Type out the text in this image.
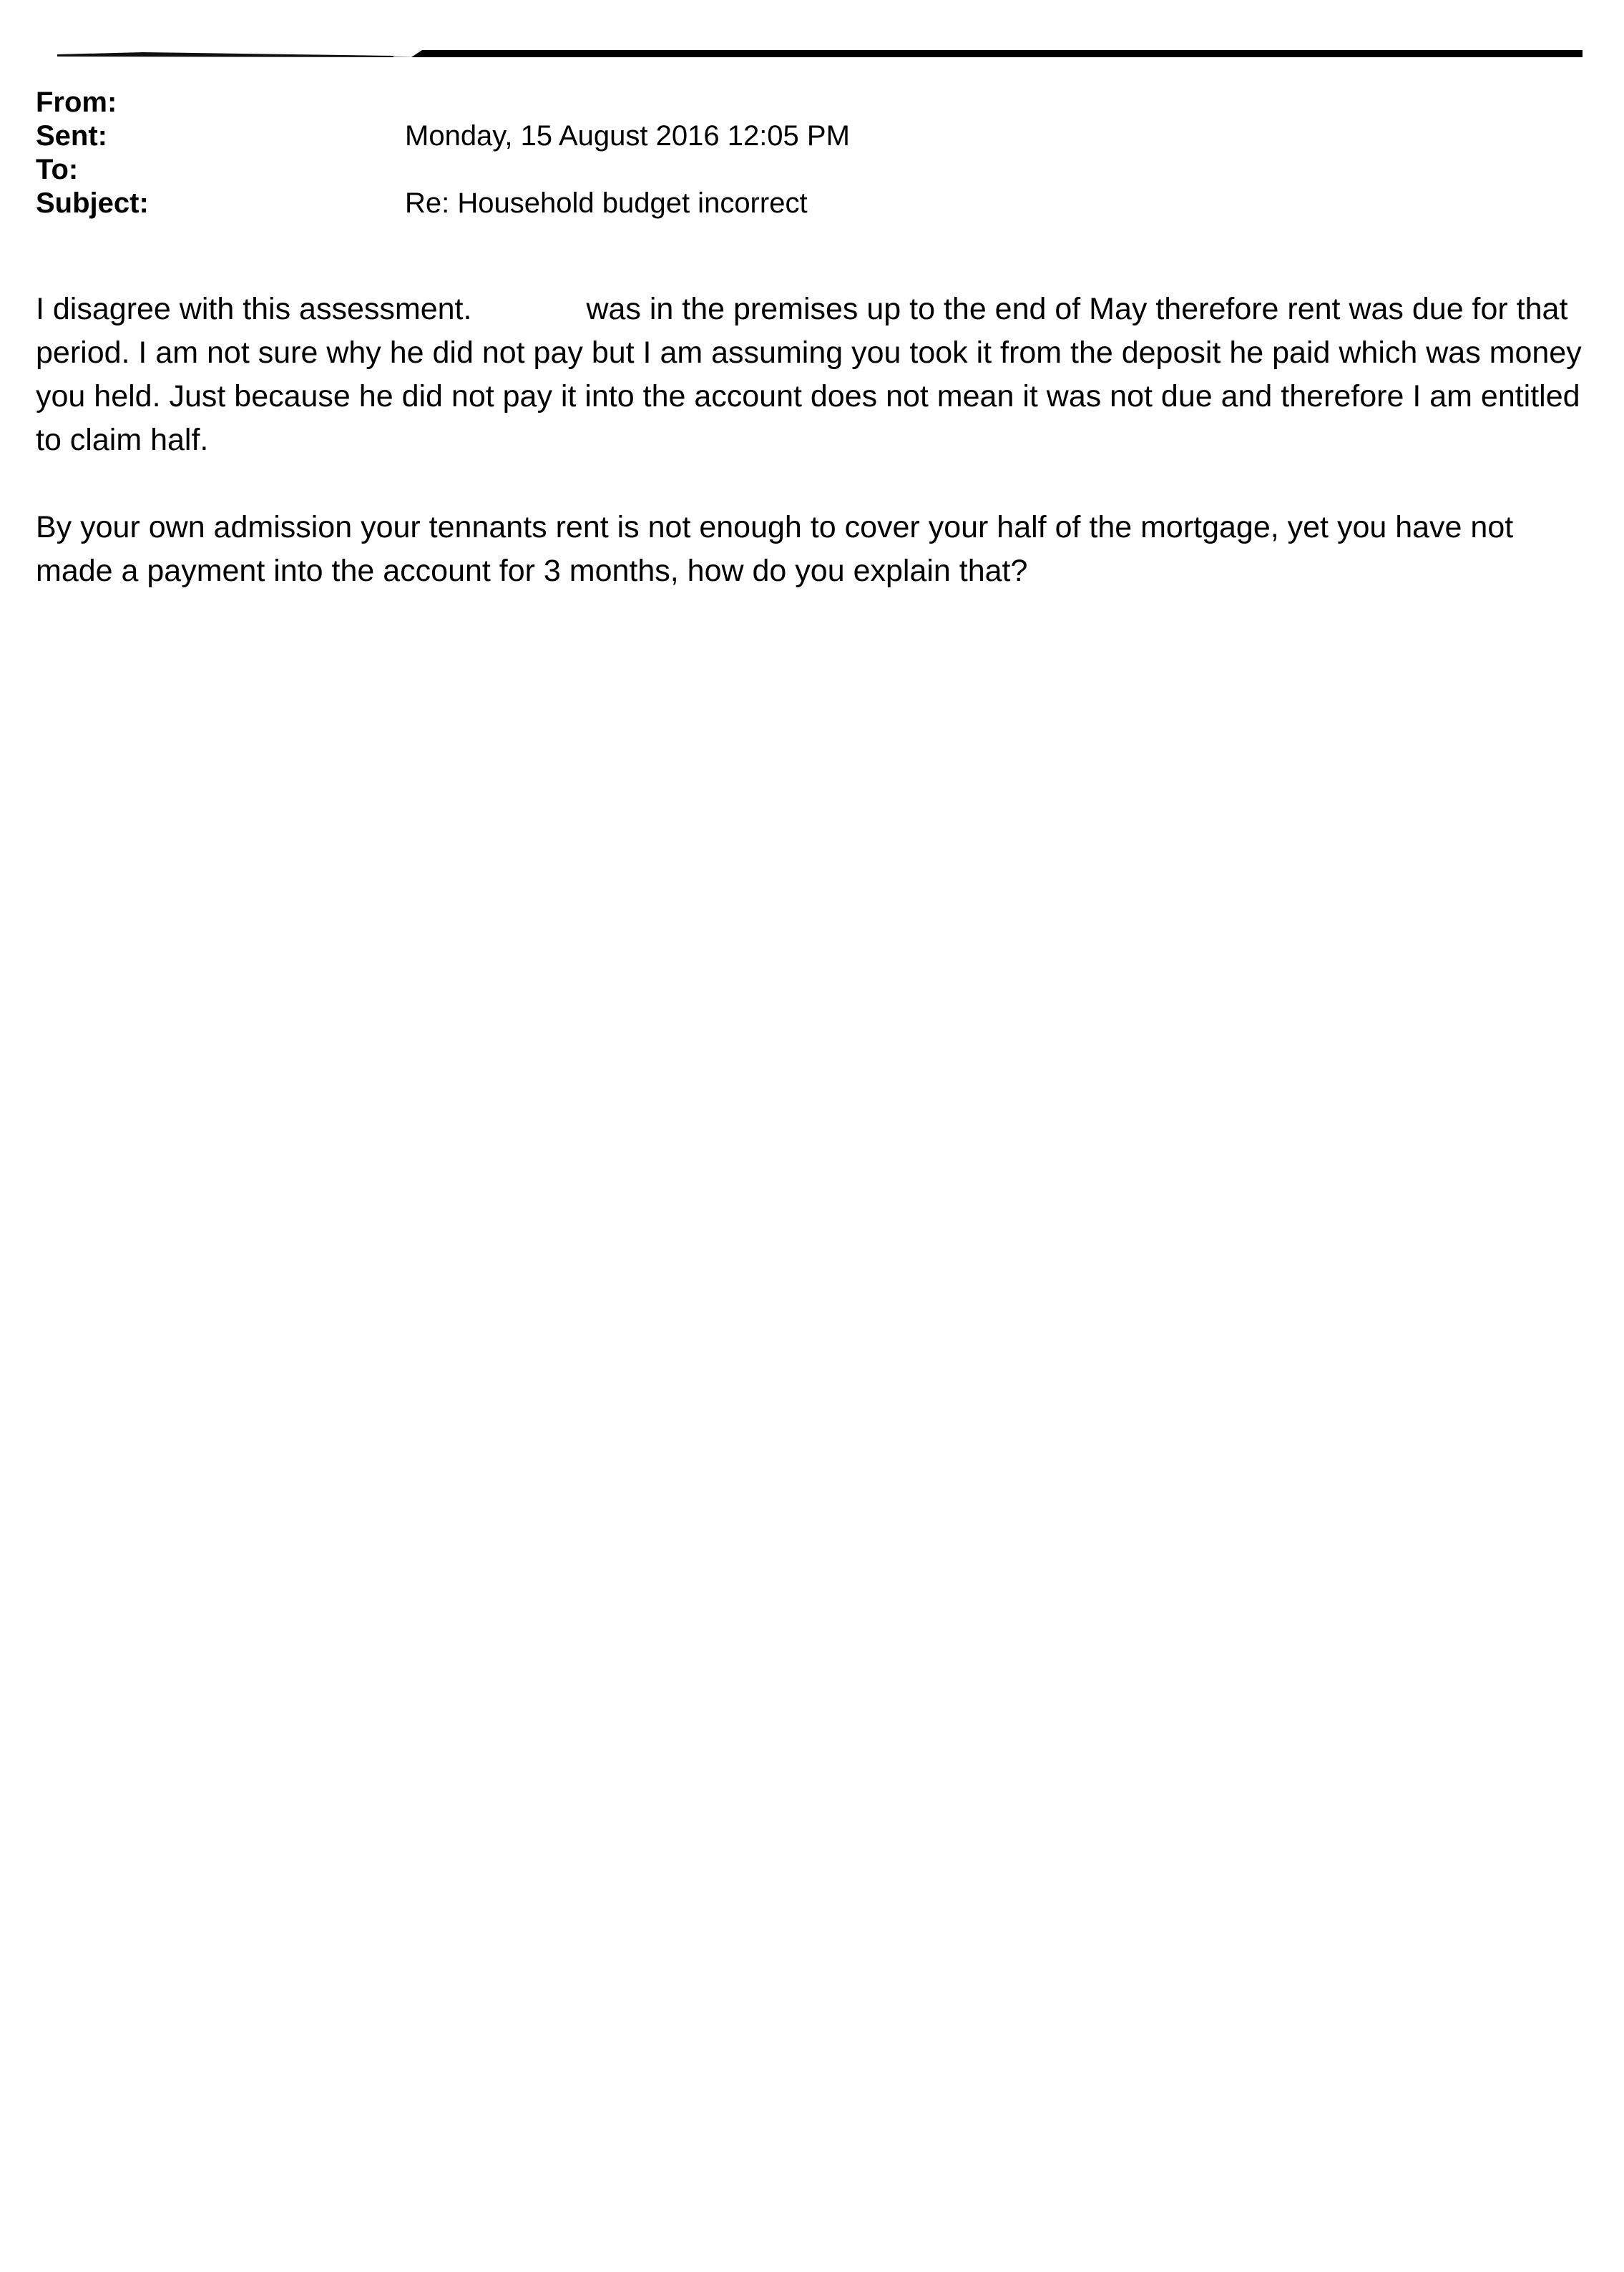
From:
Sent:	Monday, 15 August 2016 12:05 PM
To:
Subject:	Re: Household budget incorrect

I disagree with this assessment.	was in the premises up to the end of May therefore rent was due for that period. I am not sure why he did not pay but I am assuming you took it from the deposit he paid which was money you held. Just because he did not pay it into the account does not mean it was not due and therefore I am entitled to claim half.

By your own admission your tennants rent is not enough to cover your half of the mortgage, yet you have not made a payment into the account for 3 months, how do you explain that?
